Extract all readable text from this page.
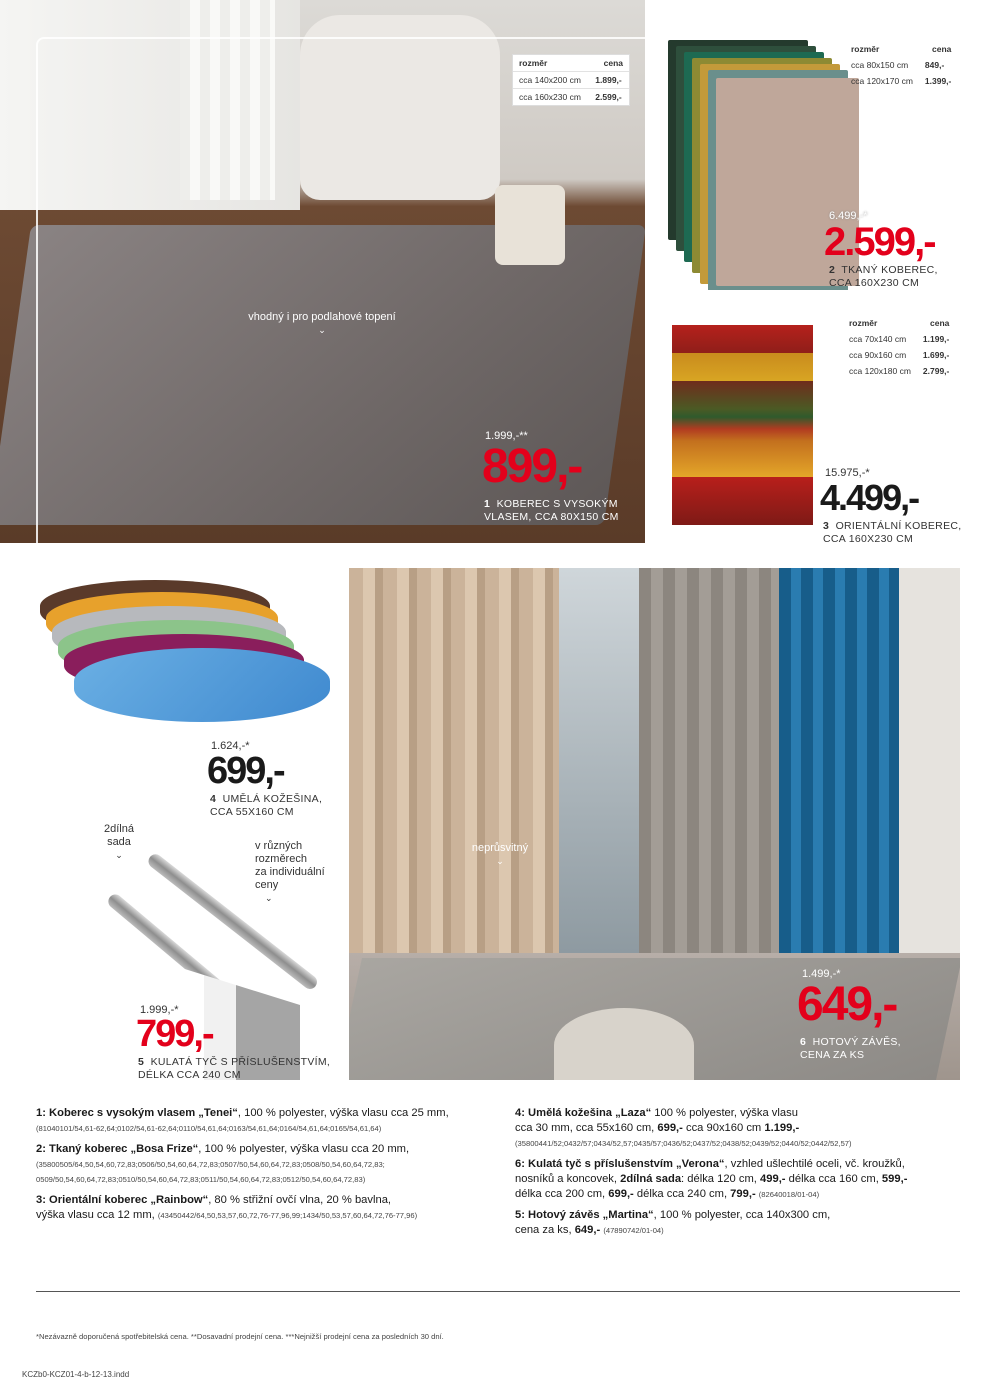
rozměr	cena
cca 140x200 cm	1.899,-
cca 160x230 cm	2.599,-
vhodný i pro podlahové topení
⌄
1.999,-**
899,-
1 KOBEREC S VYSOKÝM
VLASEM, CCA 80X150 CM
rozměr	cena
cca 80x150 cm	849,-
cca 120x170 cm	1.399,-
6.499,-*
2.599,-
2 TKANÝ KOBEREC,
CCA 160X230 CM
rozměr	cena
cca 70x140 cm	1.199,-
cca 90x160 cm	1.699,-
cca 120x180 cm	2.799,-
15.975,-*
4.499,-
3 ORIENTÁLNÍ KOBEREC,
CCA 160X230 CM
1.624,-*
699,-
4 UMĚLÁ KOŽEŠINA,
CCA 55X160 CM
2dílná
sada
⌄
v různých
rozměrech
za individuální
ceny
⌄
1.999,-*
799,-
5 KULATÁ TYČ S PŘÍSLUŠENSTVÍM,
DÉLKA CCA 240 CM
neprůsvitný
⌄
1.499,-*
649,-
6 HOTOVÝ ZÁVĚS,
CENA ZA KS

1: Koberec s vysokým vlasem „Tenei“, 100 % polyester, výška vlasu cca 25 mm,
(81040101/54,61-62,64;0102/54,61-62,64;0110/54,61,64;0163/54,61,64;0164/54,61,64;0165/54,61,64)

2: Tkaný koberec „Bosa Frize“, 100 % polyester, výška vlasu cca 20 mm,
(35800505/64,50,54,60,72,83;0506/50,54,60,64,72,83;0507/50,54,60,64,72,83;0508/50,54,60,64,72,83;
0509/50,54,60,64,72,83;0510/50,54,60,64,72,83;0511/50,54,60,64,72,83;0512/50,54,60,64,72,83)

3: Orientální koberec „Rainbow“, 80 % střižní ovčí vlna, 20 % bavlna,
výška vlasu cca 12 mm, (43450442/64,50,53,57,60,72,76-77,96,99;1434/50,53,57,60,64,72,76-77,96)

4: Umělá kožešina „Laza“ 100 % polyester, výška vlasu
cca 30 mm, cca 55x160 cm, 699,- cca 90x160 cm 1.199,-
(35800441/52;0432/57;0434/52,57;0435/57;0436/52;0437/52;0438/52;0439/52;0440/52;0442/52,57)

6: Kulatá tyč s příslušenstvím „Verona“, vzhled ušlechtilé oceli, vč. kroužků,
nosníků a koncovek, 2dílná sada: délka 120 cm, 499,- délka cca 160 cm, 599,-
délka cca 200 cm, 699,- délka cca 240 cm, 799,- (82640018/01-04)

5: Hotový závěs „Martina“, 100 % polyester, cca 140x300 cm,
cena za ks, 649,- (47890742/01-04)

*Nezávazně doporučená spotřebitelská cena. **Dosavadní prodejní cena. ***Nejnižší prodejní cena za posledních 30 dní.
KCZb0-KCZ01-4-b-12-13.indd
